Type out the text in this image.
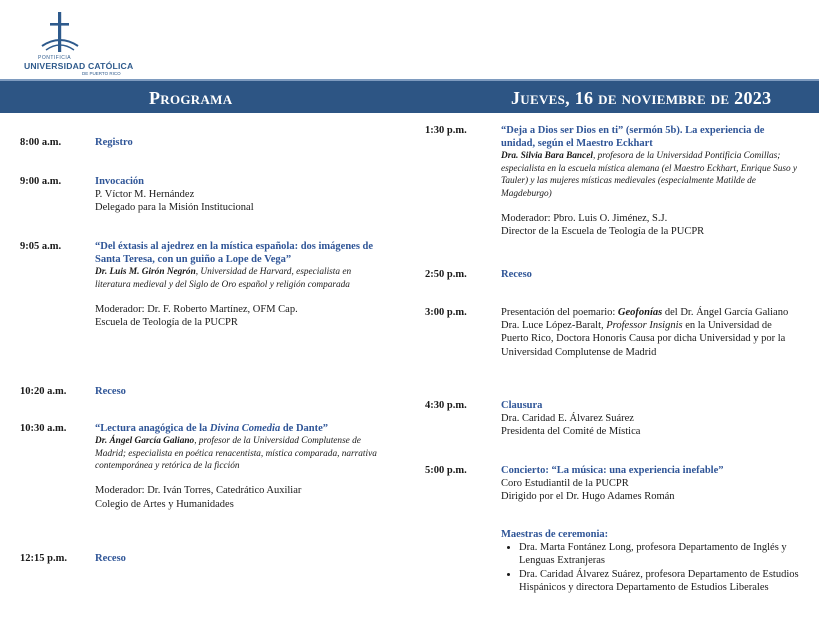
PONTIFICIA
UNIVERSIDAD CATÓLICA
DE PUERTO RICO
Programa	Jueves, 16 de noviembre de 2023
8:00 a.m.	Registro
9:00 a.m.	Invocación

P. Víctor M. Hernández

Delegado para la Misión Institucional

9:05 a.m.	“Del éxtasis al ajedrez en la mística española: dos imágenes de Santa Teresa, con un guiño a Lope de Vega”

Dr. Luis M. Girón Negrón, Universidad de Harvard, especialista en literatura medieval y del Siglo de Oro español y religión comparada

Moderador: Dr. F. Roberto Martínez, OFM Cap.

Escuela de Teología de la PUCPR

10:20 a.m.	Receso
10:30 a.m.	“Lectura anagógica de la Divina Comedia de Dante”

Dr. Ángel García Galiano, profesor de la Universidad Complutense de Madrid; especialista en poética renacentista, mística comparada, narrativa contemporánea y retórica de la ficción

Moderador: Dr. Iván Torres, Catedrático Auxiliar

Colegio de Artes y Humanidades

12:15 p.m.	Receso
1:30 p.m.	“Deja a Dios ser Dios en ti” (sermón 5b). La experiencia de unidad, según el Maestro Eckhart

Dra. Silvia Bara Bancel, profesora de la Universidad Pontificia Comillas; especialista en la escuela mística alemana (el Maestro Eckhart, Enrique Suso y Tauler) y las mujeres místicas medievales (especialmente Matilde de Magdeburgo)

Moderador: Pbro. Luis O. Jiménez, S.J.

Director de la Escuela de Teología de la PUCPR

2:50 p.m.	Receso
3:00 p.m.	Presentación del poemario: Geofonías del Dr. Ángel García Galiano

Dra. Luce López-Baralt, Professor Insignis en la Universidad de Puerto Rico, Doctora Honoris Causa por dicha Universidad y por la Universidad Complutense de Madrid

4:30 p.m.	Clausura

Dra. Caridad E. Álvarez Suárez

Presidenta del Comité de Mística

5:00 p.m.	Concierto: “La música: una experiencia inefable”

Coro Estudiantil de la PUCPR

Dirigido por el Dr. Hugo Adames Román

Maestras de ceremonia:

• Dra. Marta Fontánez Long, profesora Departamento de Inglés y Lenguas Extranjeras
• Dra. Caridad Álvarez Suárez, profesora Departamento de Estudios Hispánicos y directora Departamento de Estudios Liberales
